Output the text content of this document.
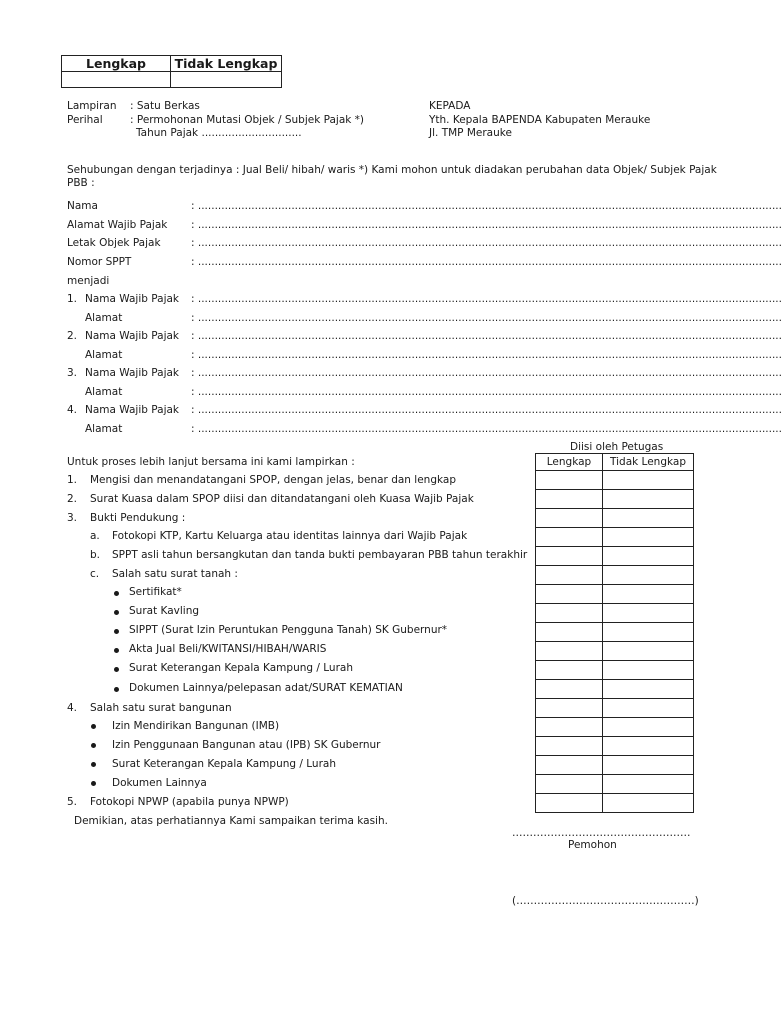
Lengkap	Tidak Lengkap

Lampiran : Satu Berkas
Perihal	: Permohonan Mutasi Objek / Subjek Pajak *)
Tahun Pajak ..............................
KEPADA
Yth. Kepala BAPENDA Kabupaten Merauke
Jl. TMP Merauke
Sehubungan dengan terjadinya : Jual Beli/ hibah/ waris *) Kami mohon untuk diadakan perubahan data Objek/ Subjek Pajak
PBB :
Nama	: ...............................................................................................................................................................................
Alamat Wajib Pajak : ...............................................................................................................................................................................
Letak Objek Pajak	: ...............................................................................................................................................................................
Nomor SPPT	: ...............................................................................................................................................................................
menjadi
1. Nama Wajib Pajak : ...............................................................................................................................................................................
Alamat	: ...............................................................................................................................................................................
2. Nama Wajib Pajak : ...............................................................................................................................................................................
Alamat	: ...............................................................................................................................................................................
3. Nama Wajib Pajak : ...............................................................................................................................................................................
Alamat	: ...............................................................................................................................................................................
4. Nama Wajib Pajak : ...............................................................................................................................................................................
Alamat	: ...............................................................................................................................................................................
Diisi oleh Petugas
Lengkap	Tidak Lengkap

Untuk proses lebih lanjut bersama ini kami lampirkan :
1. Mengisi dan menandatangani SPOP, dengan jelas, benar dan lengkap
2. Surat Kuasa dalam SPOP diisi dan ditandatangani oleh Kuasa Wajib Pajak
3. Bukti Pendukung :
a. Fotokopi KTP, Kartu Keluarga atau identitas lainnya dari Wajib Pajak
b. SPPT asli tahun bersangkutan dan tanda bukti pembayaran PBB tahun terakhir
c. Salah satu surat tanah :
Sertifikat*
Surat Kavling
SIPPT (Surat Izin Peruntukan Pengguna Tanah) SK Gubernur*
Akta Jual Beli/KWITANSI/HIBAH/WARIS
Surat Keterangan Kepala Kampung / Lurah
Dokumen Lainnya/pelepasan adat/SURAT KEMATIAN
4. Salah satu surat bangunan
Izin Mendirikan Bangunan (IMB)
Izin Penggunaan Bangunan atau (IPB) SK Gubernur
Surat Keterangan Kepala Kampung / Lurah
Dokumen Lainnya
5. Fotokopi NPWP (apabila punya NPWP)
Demikian, atas perhatiannya Kami sampaikan terima kasih.
……………………………………………
Pemohon
(……………………………………………)
